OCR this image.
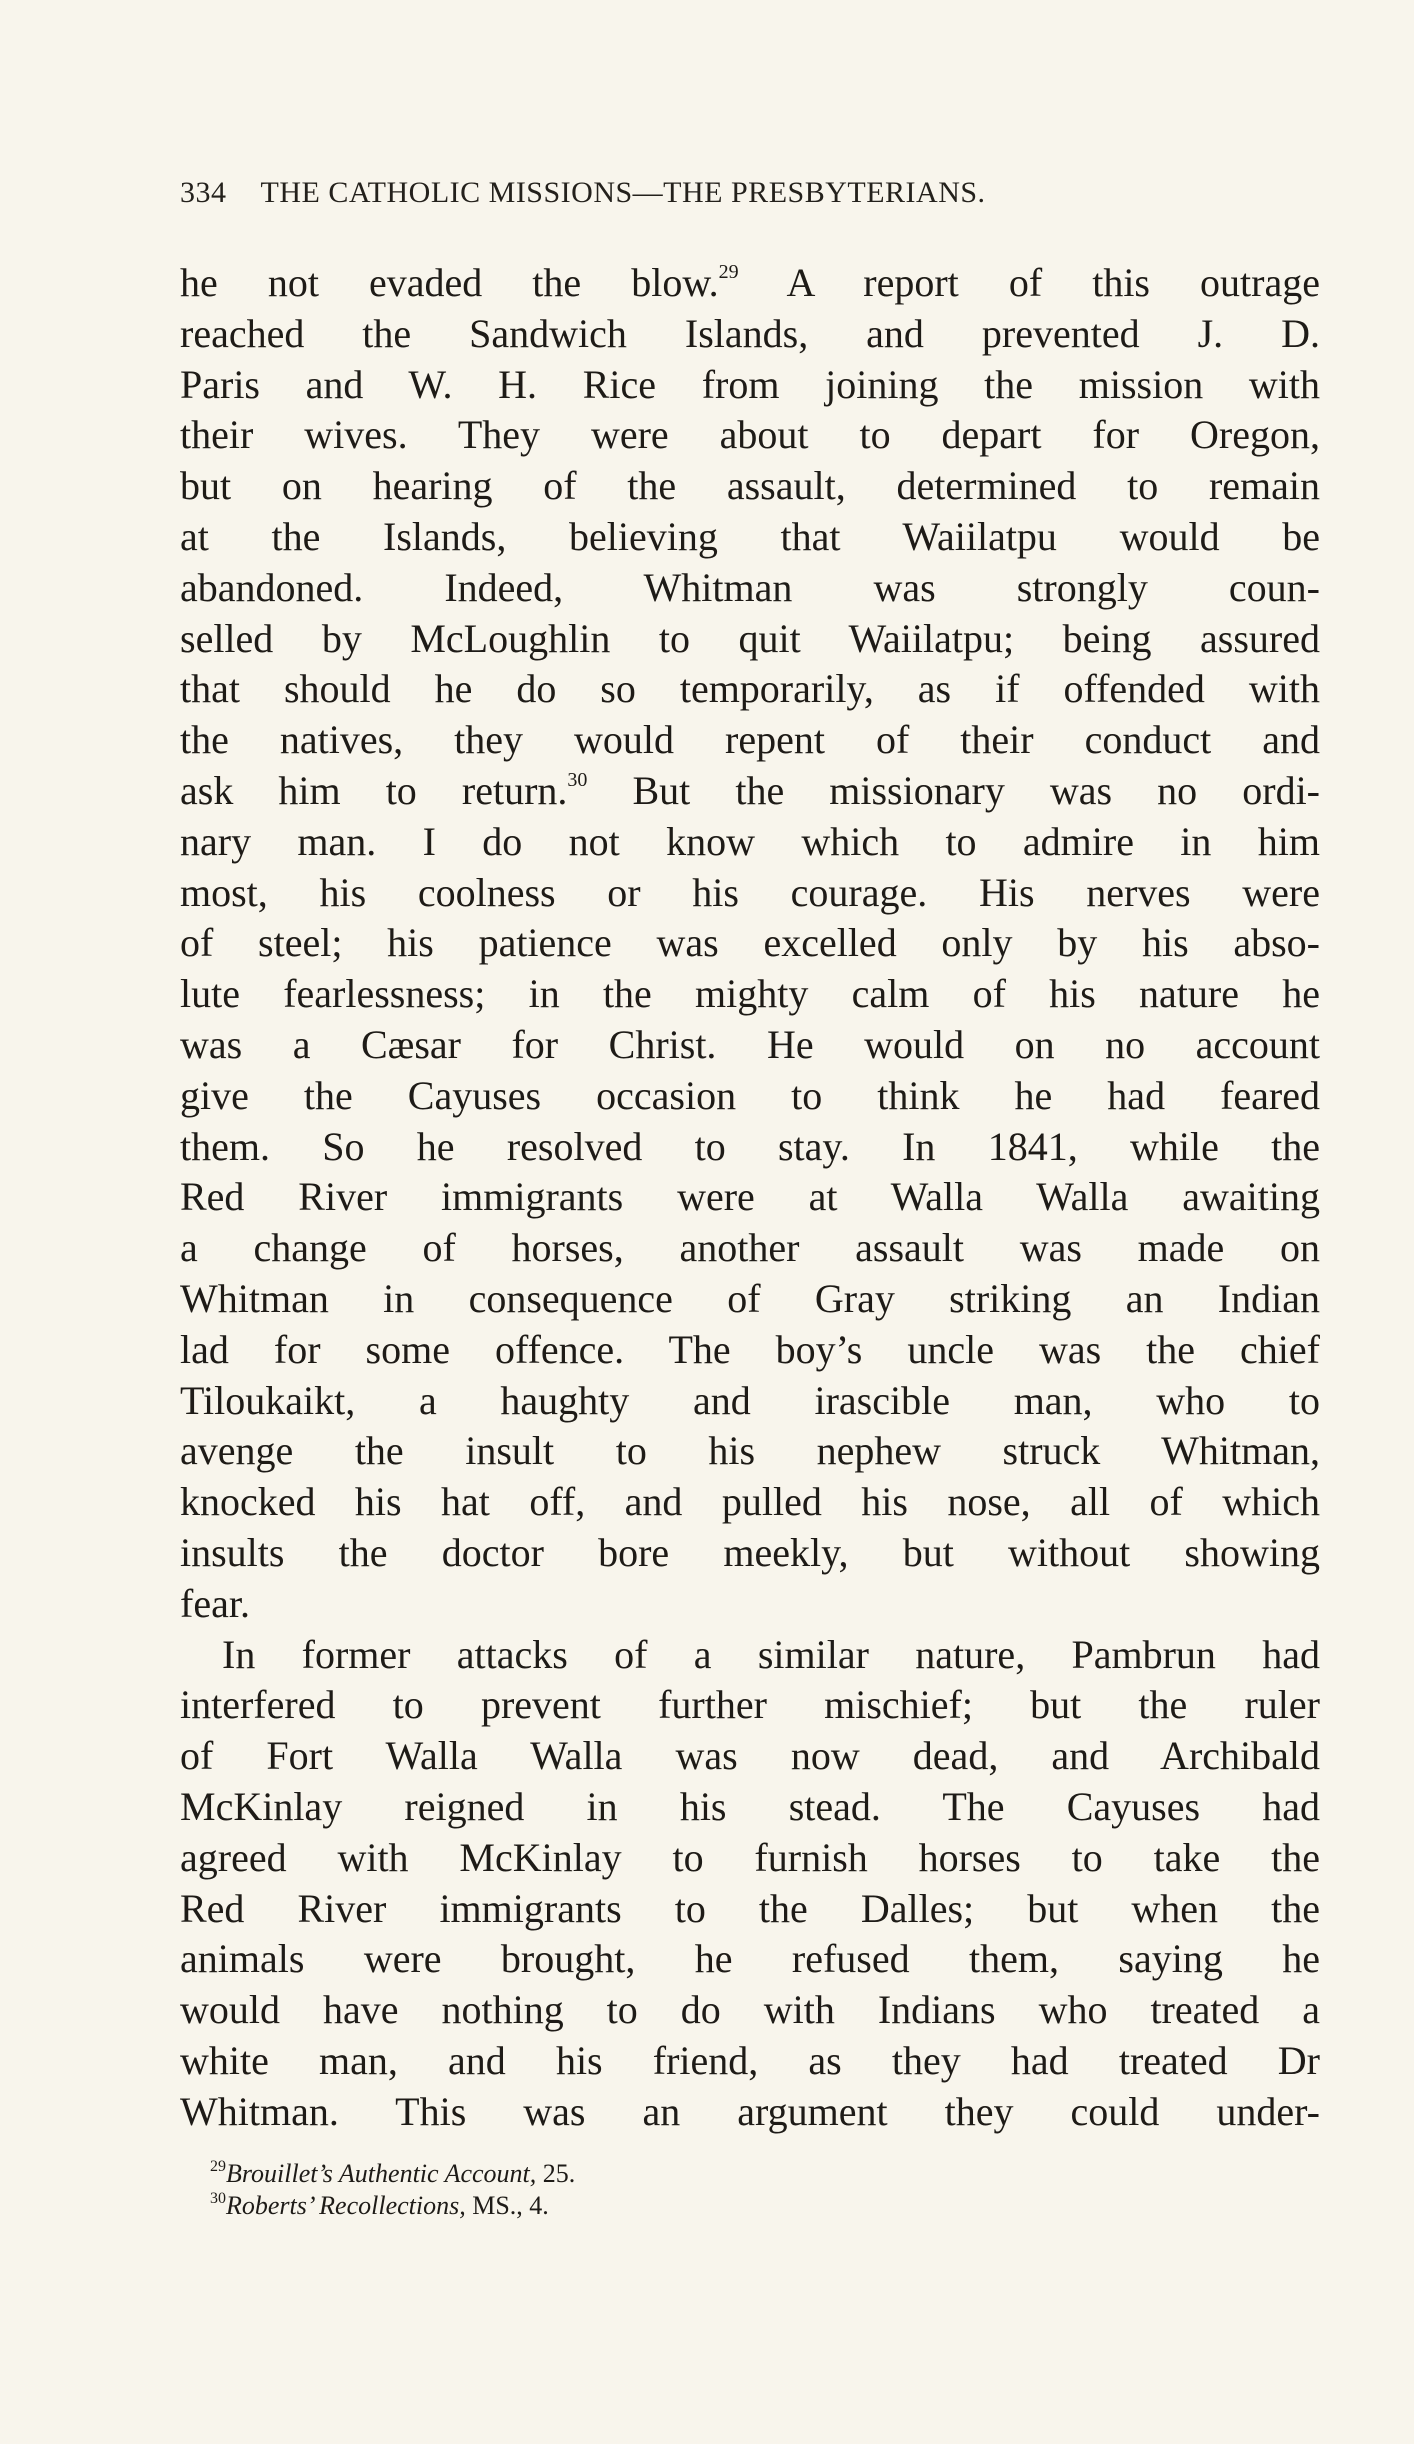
334 THE CATHOLIC MISSIONS—THE PRESBYTERIANS.
he not evaded the blow.$^{29}$ A report of this outrage
reached the Sandwich Islands, and prevented J. D.
Paris and W. H. Rice from joining the mission with
their wives. They were about to depart for Oregon,
but on hearing of the assault, determined to remain
at the Islands, believing that Waiilatpu would be
abandoned. Indeed, Whitman was strongly coun-
selled by McLoughlin to quit Waiilatpu; being assured
that should he do so temporarily, as if offended with
the natives, they would repent of their conduct and
ask him to return.$^{30}$ But the missionary was no ordi-
nary man. I do not know which to admire in him
most, his coolness or his courage. His nerves were
of steel; his patience was excelled only by his abso-
lute fearlessness; in the mighty calm of his nature he
was a Cæsar for Christ. He would on no account
give the Cayuses occasion to think he had feared
them. So he resolved to stay. In 1841, while the
Red River immigrants were at Walla Walla awaiting
a change of horses, another assault was made on
Whitman in consequence of Gray striking an Indian
lad for some offence. The boy’s uncle was the chief
Tiloukaikt, a haughty and irascible man, who to
avenge the insult to his nephew struck Whitman,
knocked his hat off, and pulled his nose, all of which
insults the doctor bore meekly, but without showing
fear.
In former attacks of a similar nature, Pambrun had
interfered to prevent further mischief; but the ruler
of Fort Walla Walla was now dead, and Archibald
McKinlay reigned in his stead. The Cayuses had
agreed with McKinlay to furnish horses to take the
Red River immigrants to the Dalles; but when the
animals were brought, he refused them, saying he
would have nothing to do with Indians who treated a
white man, and his friend, as they had treated Dr
Whitman. This was an argument they could under-
$^{29}$Brouillet’s Authentic Account, 25.
$^{30}$Roberts’ Recollections, MS., 4.
